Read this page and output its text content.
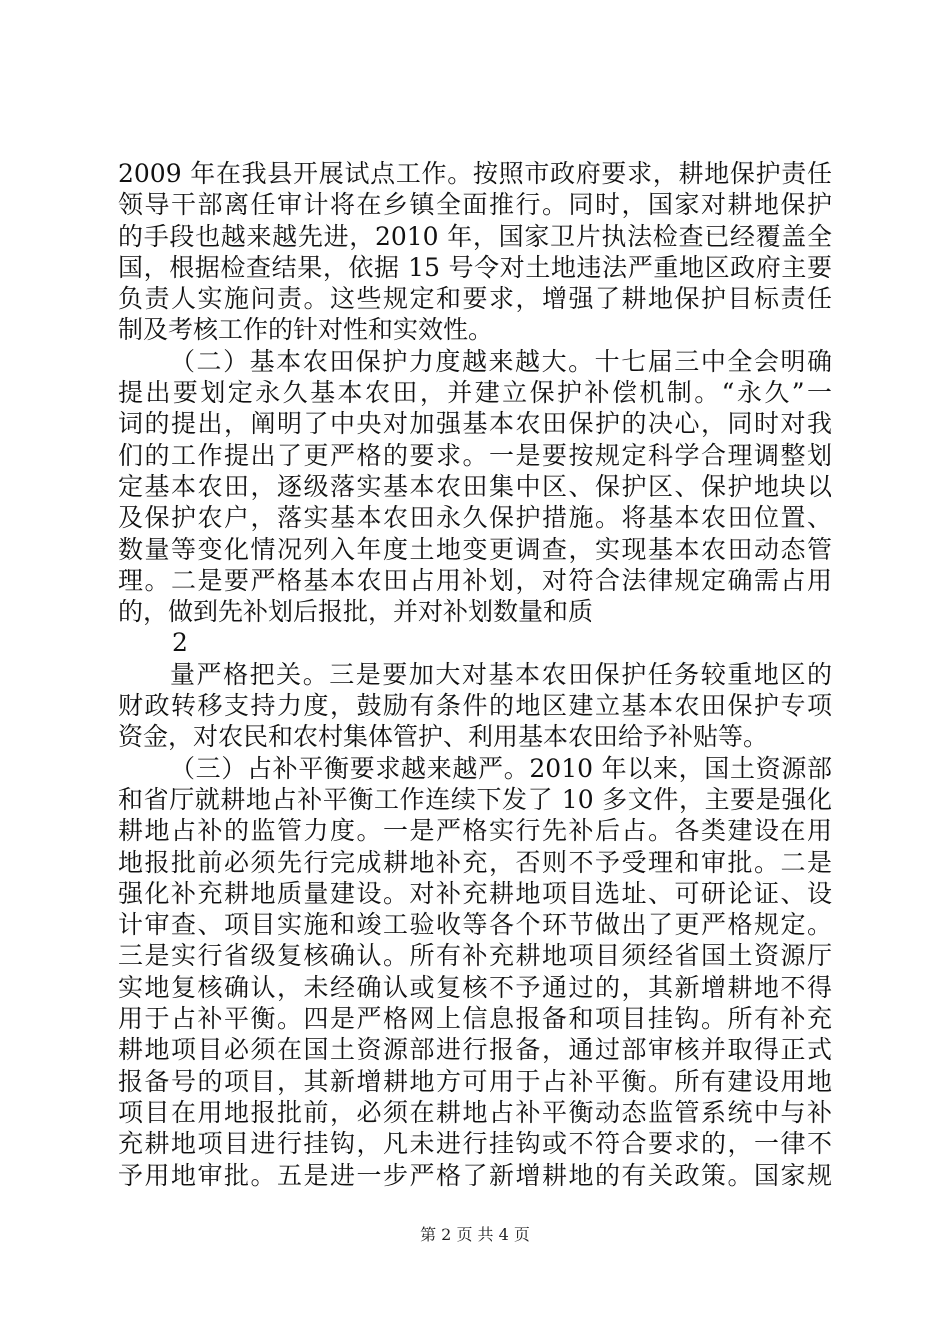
2009 年在我县开展试点工作。按照市政府要求，耕地保护责任
领导干部离任审计将在乡镇全面推行。同时，国家对耕地保护
的手段也越来越先进，2010 年，国家卫片执法检查已经覆盖全
国，根据检查结果，依据 15 号令对土地违法严重地区政府主要
负责人实施问责。这些规定和要求，增强了耕地保护目标责任
制及考核工作的针对性和实效性。
（二）基本农田保护力度越来越大。十七届三中全会明确
提出要划定永久基本农田，并建立保护补偿机制。“永久”一
词的提出，阐明了中央对加强基本农田保护的决心，同时对我
们的工作提出了更严格的要求。一是要按规定科学合理调整划
定基本农田，逐级落实基本农田集中区、保护区、保护地块以
及保护农户，落实基本农田永久保护措施。将基本农田位置、
数量等变化情况列入年度土地变更调查，实现基本农田动态管
理。二是要严格基本农田占用补划，对符合法律规定确需占用
的，做到先补划后报批，并对补划数量和质
2
量严格把关。三是要加大对基本农田保护任务较重地区的
财政转移支持力度，鼓励有条件的地区建立基本农田保护专项
资金，对农民和农村集体管护、利用基本农田给予补贴等。
（三）占补平衡要求越来越严。2010 年以来，国土资源部
和省厅就耕地占补平衡工作连续下发了 10 多文件，主要是强化
耕地占补的监管力度。一是严格实行先补后占。各类建设在用
地报批前必须先行完成耕地补充，否则不予受理和审批。二是
强化补充耕地质量建设。对补充耕地项目选址、可研论证、设
计审查、项目实施和竣工验收等各个环节做出了更严格规定。
三是实行省级复核确认。所有补充耕地项目须经省国土资源厅
实地复核确认，未经确认或复核不予通过的，其新增耕地不得
用于占补平衡。四是严格网上信息报备和项目挂钩。所有补充
耕地项目必须在国土资源部进行报备，通过部审核并取得正式
报备号的项目，其新增耕地方可用于占补平衡。所有建设用地
项目在用地报批前，必须在耕地占补平衡动态监管系统中与补
充耕地项目进行挂钩，凡未进行挂钩或不符合要求的，一律不
予用地审批。五是进一步严格了新增耕地的有关政策。国家规
第 2 页 共 4 页
